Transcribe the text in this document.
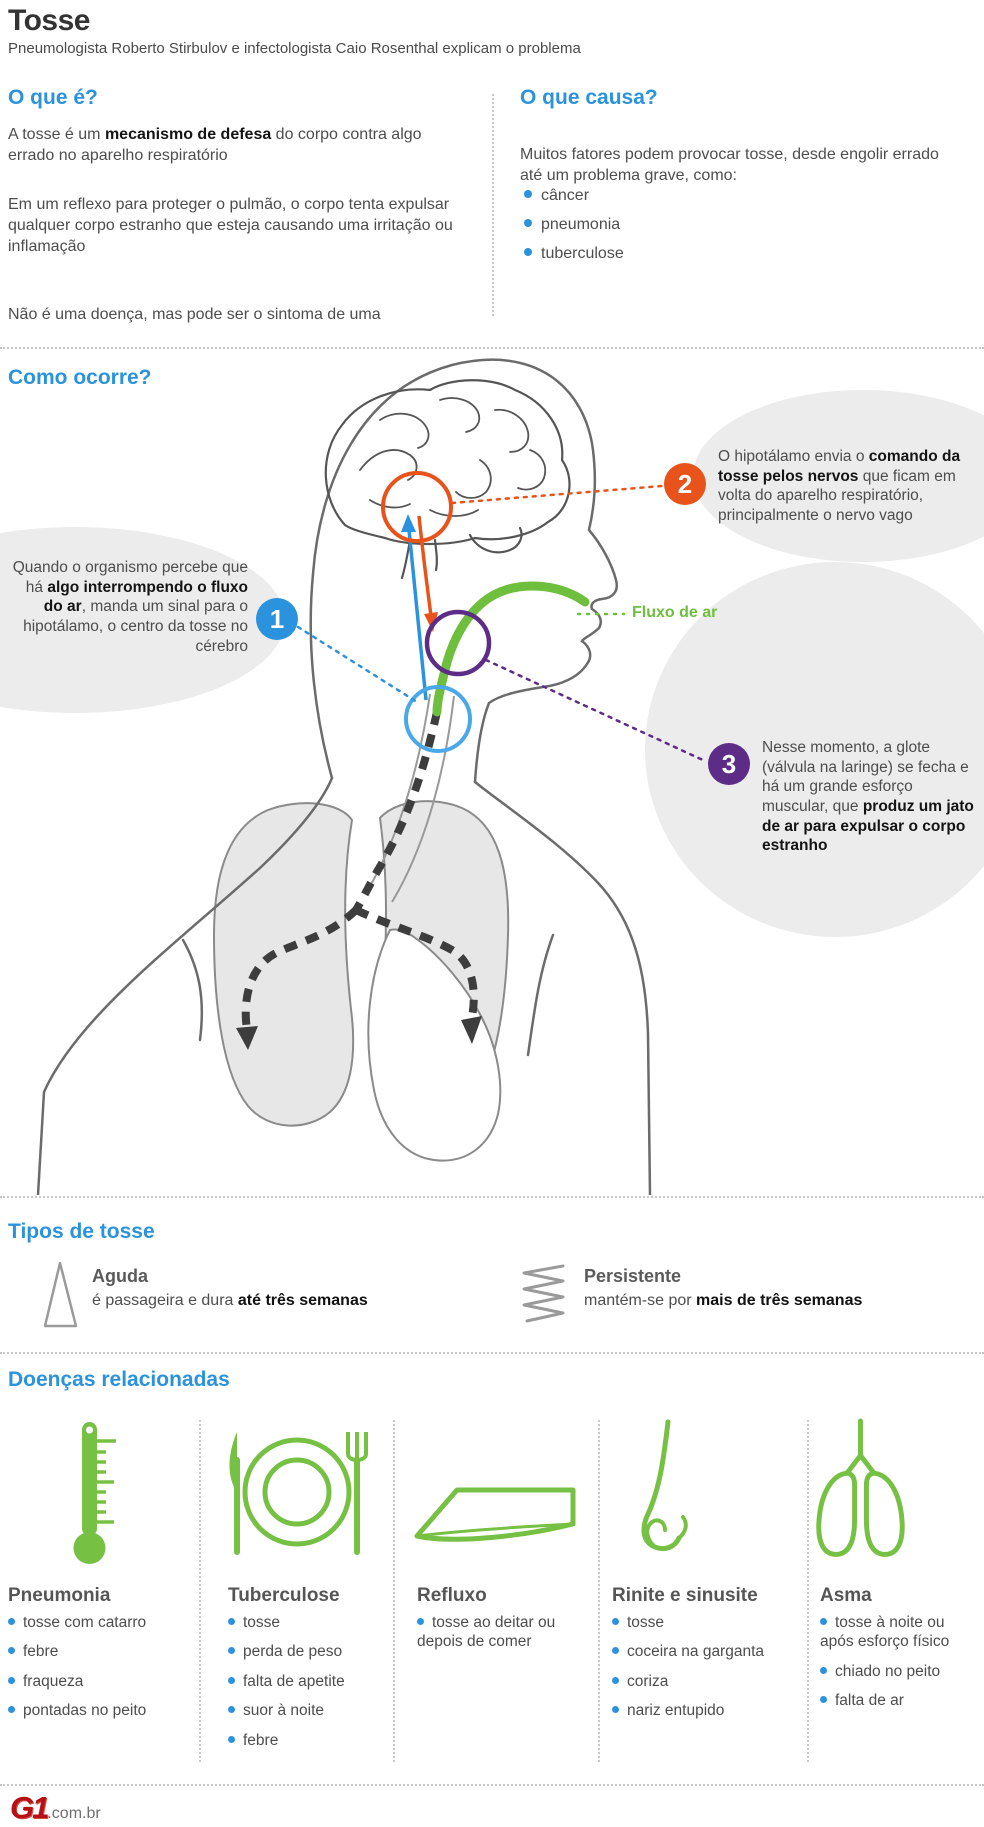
Tosse
Pneumologista Roberto Stirbulov e infectologista Caio Rosenthal explicam o problema
O que é?

A tosse é um mecanismo de defesa do corpo contra algo errado no aparelho respiratório

Em um reflexo para proteger o pulmão, o corpo tenta expulsar qualquer corpo estranho que esteja causando uma irritação ou inflamação

Não é uma doença, mas pode ser o sintoma de uma

O que causa?

Muitos fatores podem provocar tosse, desde engolir errado até um problema grave, como:

câncer
pneumonia
tuberculose
Como ocorre?
1
2
3

Quando o organismo percebe que há algo interrompendo o fluxo do ar, manda um sinal para o hipotálamo, o centro da tosse no cérebro

O hipotálamo envia o comando da tosse pelos nervos que ficam em volta do aparelho respiratório, principalmente o nervo vago

Nesse momento, a glote (válvula na laringe) se fecha e há um grande esforço muscular, que produz um jato de ar para expulsar o corpo estranho

Fluxo de ar
Tipos de tosse
Aguda
é passageira e dura até três semanas
Persistente
mantém-se por mais de três semanas
Doenças relacionadas
Pneumonia
tosse com catarro
febre
fraqueza
pontadas no peito
Tuberculose
tosse
perda de peso
falta de apetite
suor à noite
febre
Refluxo
tosse ao deitar ou depois de comer
Rinite e sinusite
tosse
coceira na garganta
coriza
nariz entupido
Asma
tosse à noite ou após esforço físico
chiado no peito
falta de ar
G1.com.br
